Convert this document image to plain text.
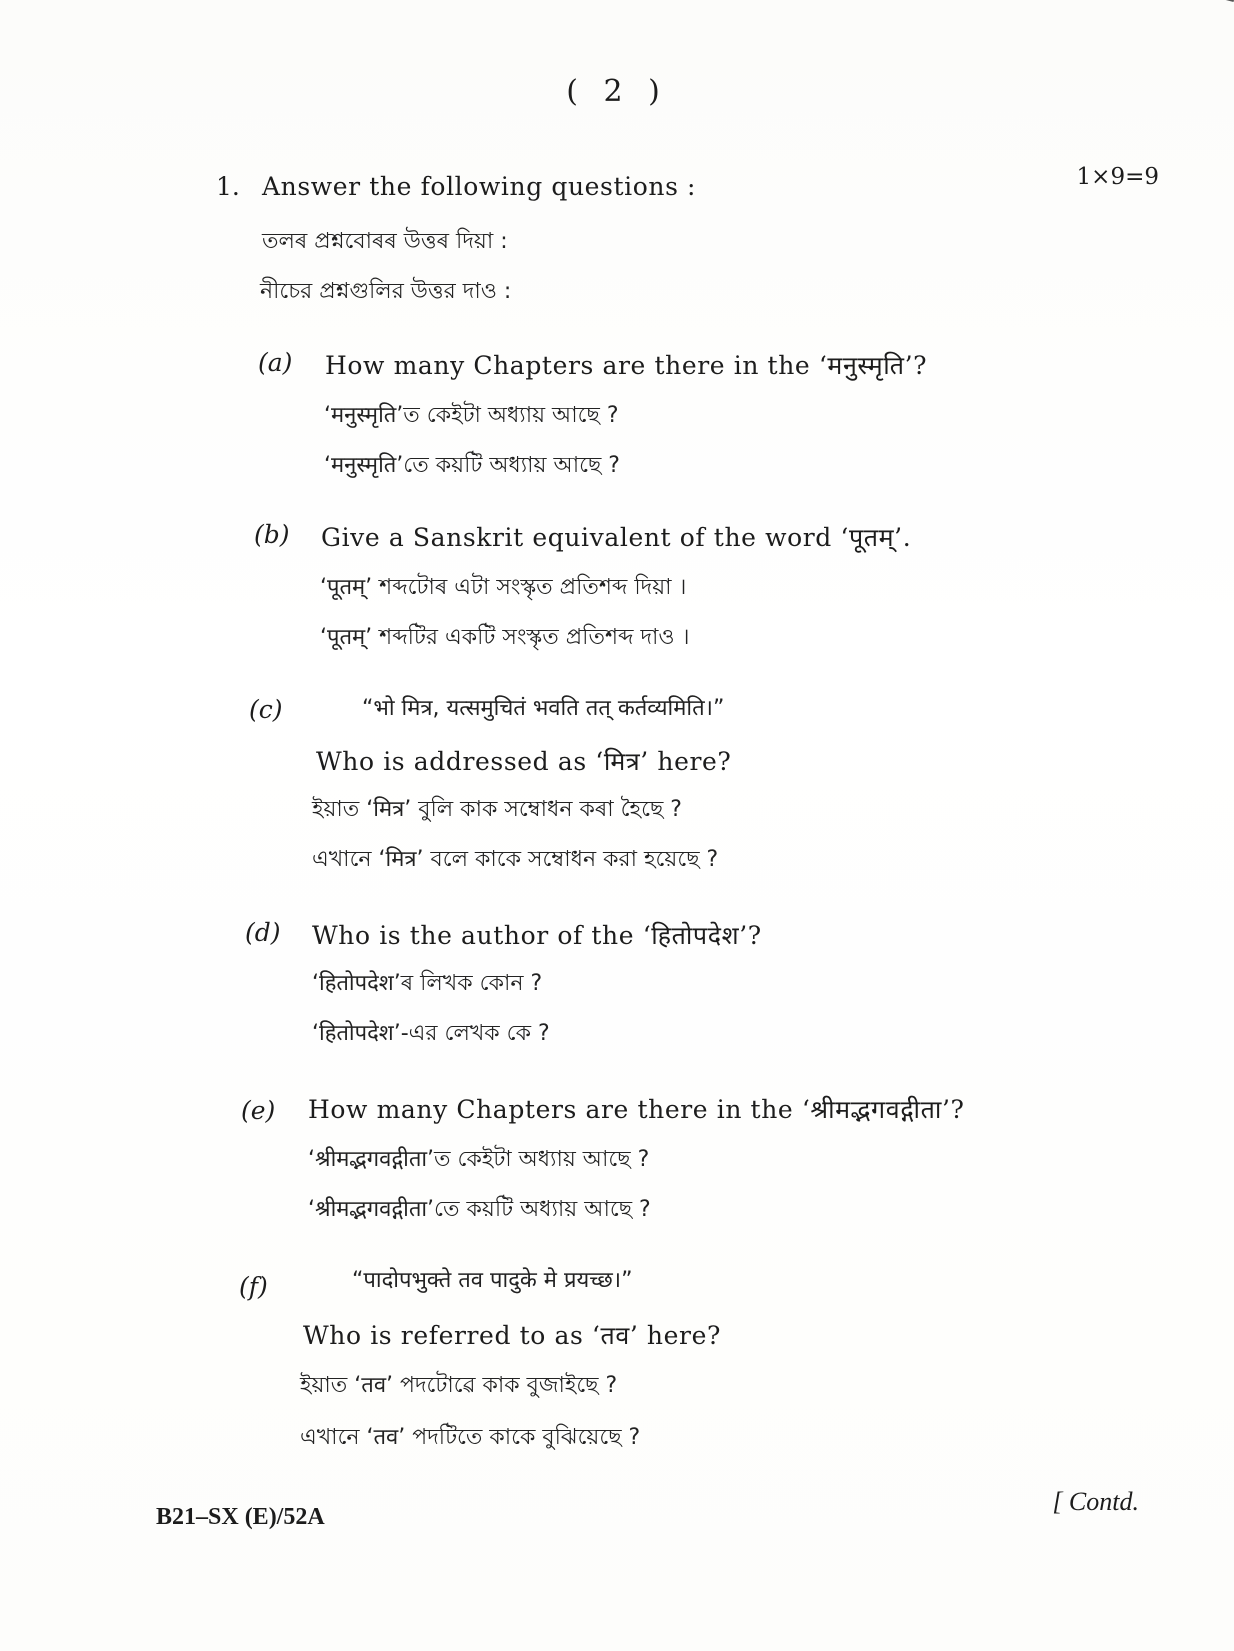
( 2 )
1. Answer the following questions :	1×9=9
তলৰ প্ৰশ্নবোৰৰ উত্তৰ দিয়া :
নীচের প্রশ্নগুলির উত্তর দাও :
(a) How many Chapters are there in the ‘मनुस्मृति’?
‘मनुस्मृति’ত কেইটা অধ্যায় আছে ?
‘मनुस्मृति’তে কয়টি অধ্যায় আছে ?
(b) Give a Sanskrit equivalent of the word ‘पूतम्’.
‘पूतम्’ শব্দটোৰ এটা সংস্কৃত প্ৰতিশব্দ দিয়া ।
‘पूतम्’ শব্দটির একটি সংস্কৃত প্রতিশব্দ দাও ।
(c)	“भो मित्र, यत्समुचितं भवति तत् कर्तव्यमिति।”
Who is addressed as ‘मित्र’ here?
ইয়াত ‘मित्र’ বুলি কাক সম্বোধন কৰা হৈছে ?
এখানে ‘मित्र’ বলে কাকে সম্বোধন করা হয়েছে ?
(d) Who is the author of the ‘हितोपदेश’?
‘हितोपदेश’ৰ লিখক কোন ?
‘हितोपदेश’-এর লেখক কে ?
(e) How many Chapters are there in the ‘श्रीमद्भगवद्गीता’?
‘श्रीमद्भगवद्गीता’ত কেইটা অধ্যায় আছে ?
‘श्रीमद्भगवद्गीता’তে কয়টি অধ্যায় আছে ?
(f)	“पादोपभुक्ते तव पादुके मे प्रयच्छ।”
Who is referred to as ‘तव’ here?
ইয়াত ‘तव’ পদটোৱে কাক বুজাইছে ?
এখানে ‘तव’ পদটিতে কাকে বুঝিয়েছে ?
B21–SX (E)/52A
[ Contd.
